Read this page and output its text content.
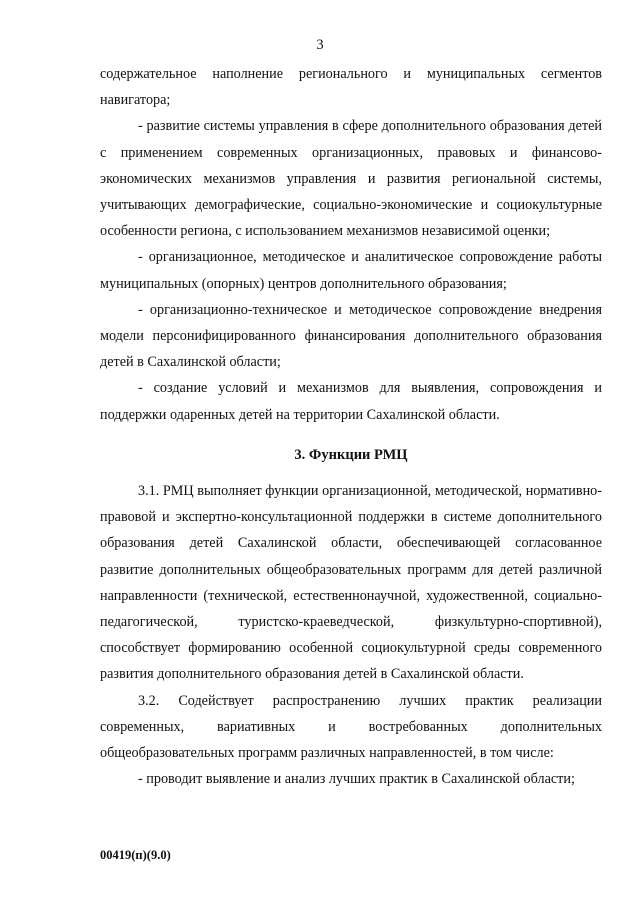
3

содержательное наполнение регионального и муниципальных сегментов навигатора;

- развитие системы управления в сфере дополнительного образования детей с применением современных организационных, правовых и финансово-экономических механизмов управления и развития региональной системы, учитывающих демографические, социально-экономические и социокультурные особенности региона, с использованием механизмов независимой оценки;

- организационное, методическое и аналитическое сопровождение работы муниципальных (опорных) центров дополнительного образования;

- организационно-техническое и методическое сопровождение внедрения модели персонифицированного финансирования дополнительного образования детей в Сахалинской области;

- создание условий и механизмов для выявления, сопровождения и поддержки одаренных детей на территории Сахалинской области.

3. Функции РМЦ

3.1. РМЦ выполняет функции организационной, методической, нормативно-правовой и экспертно-консультационной поддержки в системе дополнительного образования детей Сахалинской области, обеспечивающей согласованное развитие дополнительных общеобразовательных программ для детей различной направленности (технической, естественнонаучной, художественной, социально-педагогической, туристско-краеведческой, физкультурно-спортивной), способствует формированию особенной социокультурной среды современного развития дополнительного образования детей в Сахалинской области.

3.2. Содействует распространению лучших практик реализации современных, вариативных и востребованных дополнительных общеобразовательных программ различных направленностей, в том числе:

- проводит выявление и анализ лучших практик в Сахалинской области;

00419(п)(9.0)
